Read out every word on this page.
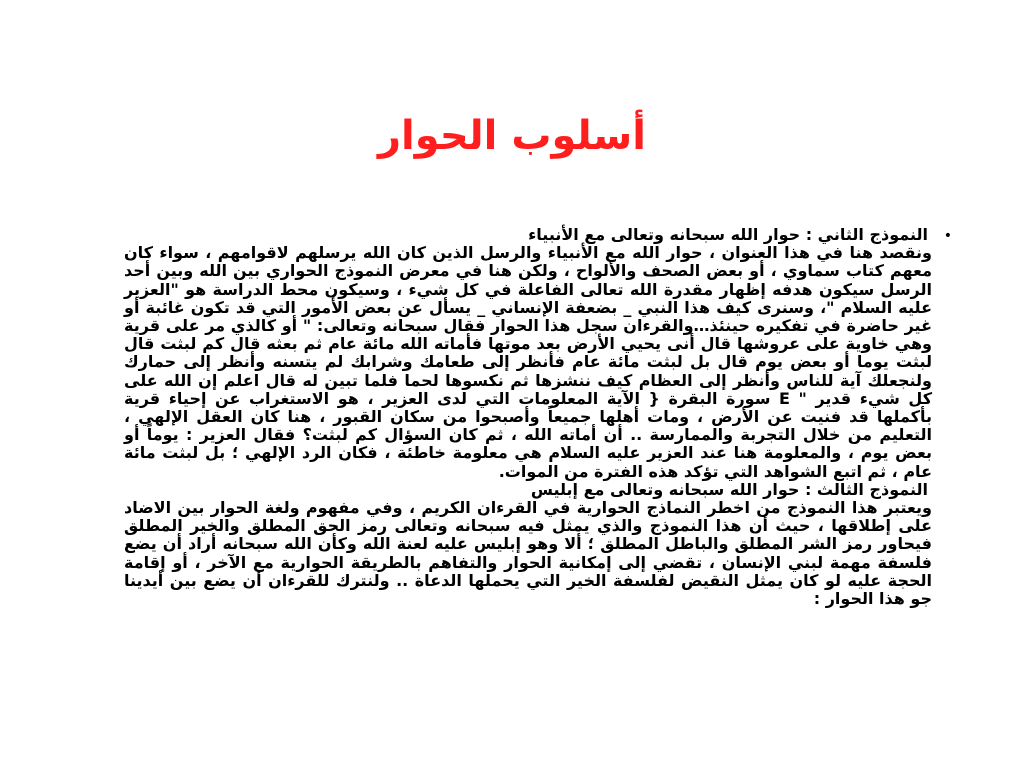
أسلوب الحوار
•

النموذج الثاني : حوار الله سبحانه وتعالى مع الأنبياء

ونقصد هنا في هذا العنوان ، حوار الله مع الأنبياء والرسل الذين كان الله يرسلهم لاقوامهم ، سواء كان معهم كتاب سماوي ، أو بعض الصحف والألواح ، ولكن هنا في معرض النموذج الحواري بين الله وبين أحد الرسل سيكون هدفه إظهار مقدرة الله تعالى الفاعلة في كل شيء ، وسيكون محط الدراسة هو "العزير عليه السلام "، وسنرى كيف هذا النبي _ بضعفة الإنساني _ يسأل عن بعض الأمور التي قد تكون غائبة أو غير حاضرة في تفكيره حينئذ…والقرءان سجل هذا الحوار فقال سبحانه وتعالى: " أو كالذي مر على قرية وهي خاوية على عروشها قال أنى يحيي الأرض بعد موتها فأماته الله مائة عام ثم بعثه قال كم لبثت قال لبثت يوما أو بعض يوم قال بل لبثت مائة عام فأنظر إلى طعامك وشرابك لم يتسنه وأنظر إلى حمارك ولنجعلك آية للناس وأنظر إلى العظام كيف ننشزها ثم نكسوها لحما فلما تبين له قال اعلم إن الله على كل شيء قدير " E سورة البقرة { الآية المعلومات التي لدى العزير ، هو الاستغراب عن إحياء قرية بأكملها قد فنيت عن الأرض ، ومات أهلها جميعاً وأصبحوا من سكان القبور ، هنا كان العقل الإلهي ، التعليم من خلال التجربة والممارسة .. أن أماته الله ، ثم كان السؤال كم لبثت؟ فقال العزير : يوماً أو بعض يوم ، والمعلومة هنا عند العزير عليه السلام هي معلومة خاطئة ، فكان الرد الإلهي ؛ بل لبثت مائة عام ، ثم اتبع الشواهد التي تؤكد هذه الفترة من الموات.

النموذج الثالث : حوار الله سبحانه وتعالى مع إبليس

ويعتبر هذا النموذج من اخطر النماذج الحوارية في القرءان الكريم ، وفي مفهوم ولغة الحوار بين الاضاد على إطلاقها ، حيث أن هذا النموذج والذي يمثل فيه سبحانه وتعالى رمز الحق المطلق والخير المطلق فيحاور رمز الشر المطلق والباطل المطلق ؛ ألا وهو إبليس عليه لعنة الله وكأن الله سبحانه أراد أن يضع فلسفة مهمة لبني الإنسان ، تقضي إلى إمكانية الحوار والتفاهم بالطريقة الحوارية مع الآخر ، أو إقامة الحجة عليه لو كان يمثل النقيض لفلسفة الخير التي يحملها الدعاة .. ولنترك للقرءان أن يضع بين أيدينا جو هذا الحوار :
